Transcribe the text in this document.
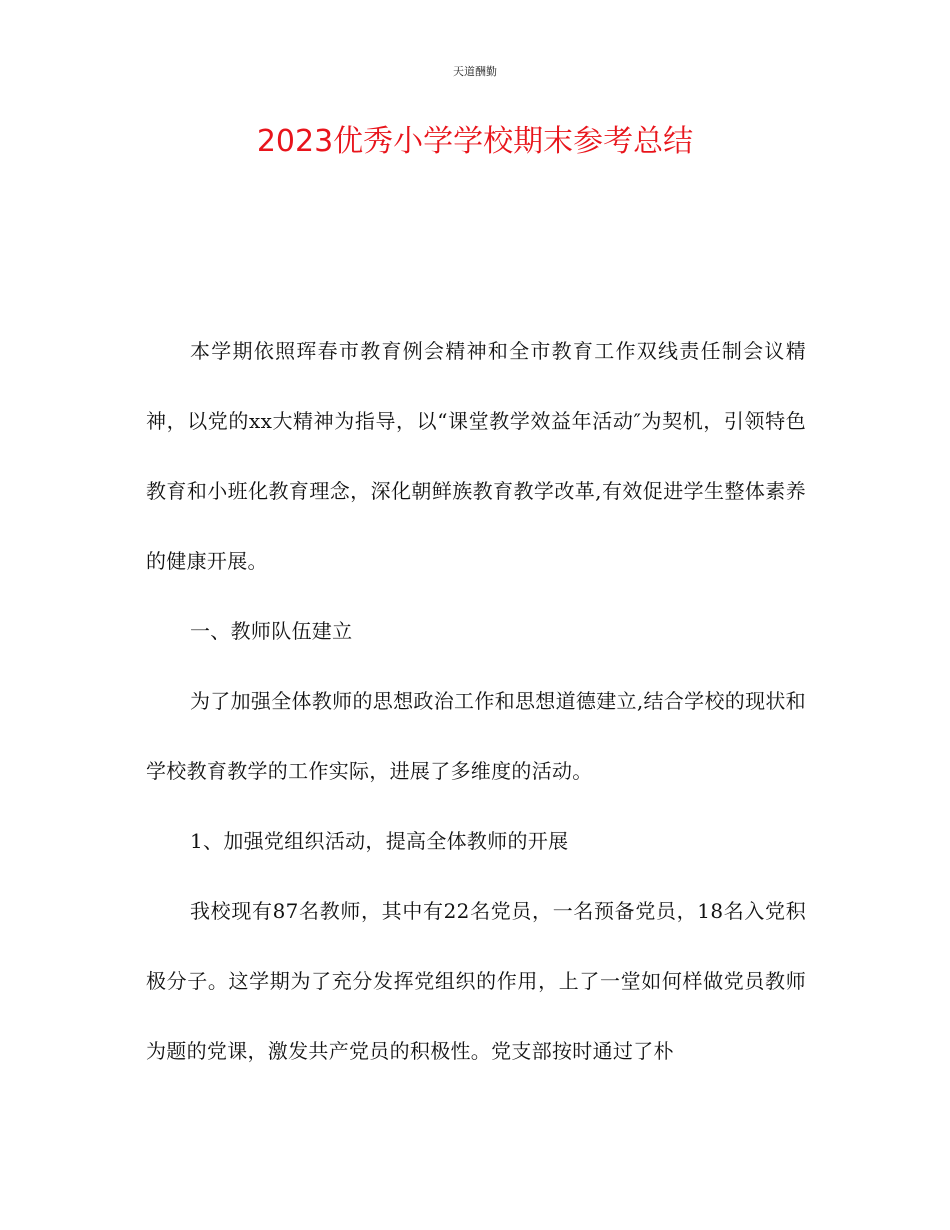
天道酬勤
2023优秀小学学校期末参考总结

本学期依照珲春市教育例会精神和全市教育工作双线责任制会议精神，以党的xx大精神为指导，以“课堂教学效益年活动″为契机，引领特色教育和小班化教育理念，深化朝鲜族教育教学改革,有效促进学生整体素养的健康开展。

一、教师队伍建立

为了加强全体教师的思想政治工作和思想道德建立,结合学校的现状和学校教育教学的工作实际，进展了多维度的活动。

1、加强党组织活动，提高全体教师的开展

我校现有87名教师，其中有22名党员，一名预备党员，18名入党积极分子。这学期为了充分发挥党组织的作用，上了一堂如何样做党员教师为题的党课，激发共产党员的积极性。党支部按时通过了朴
